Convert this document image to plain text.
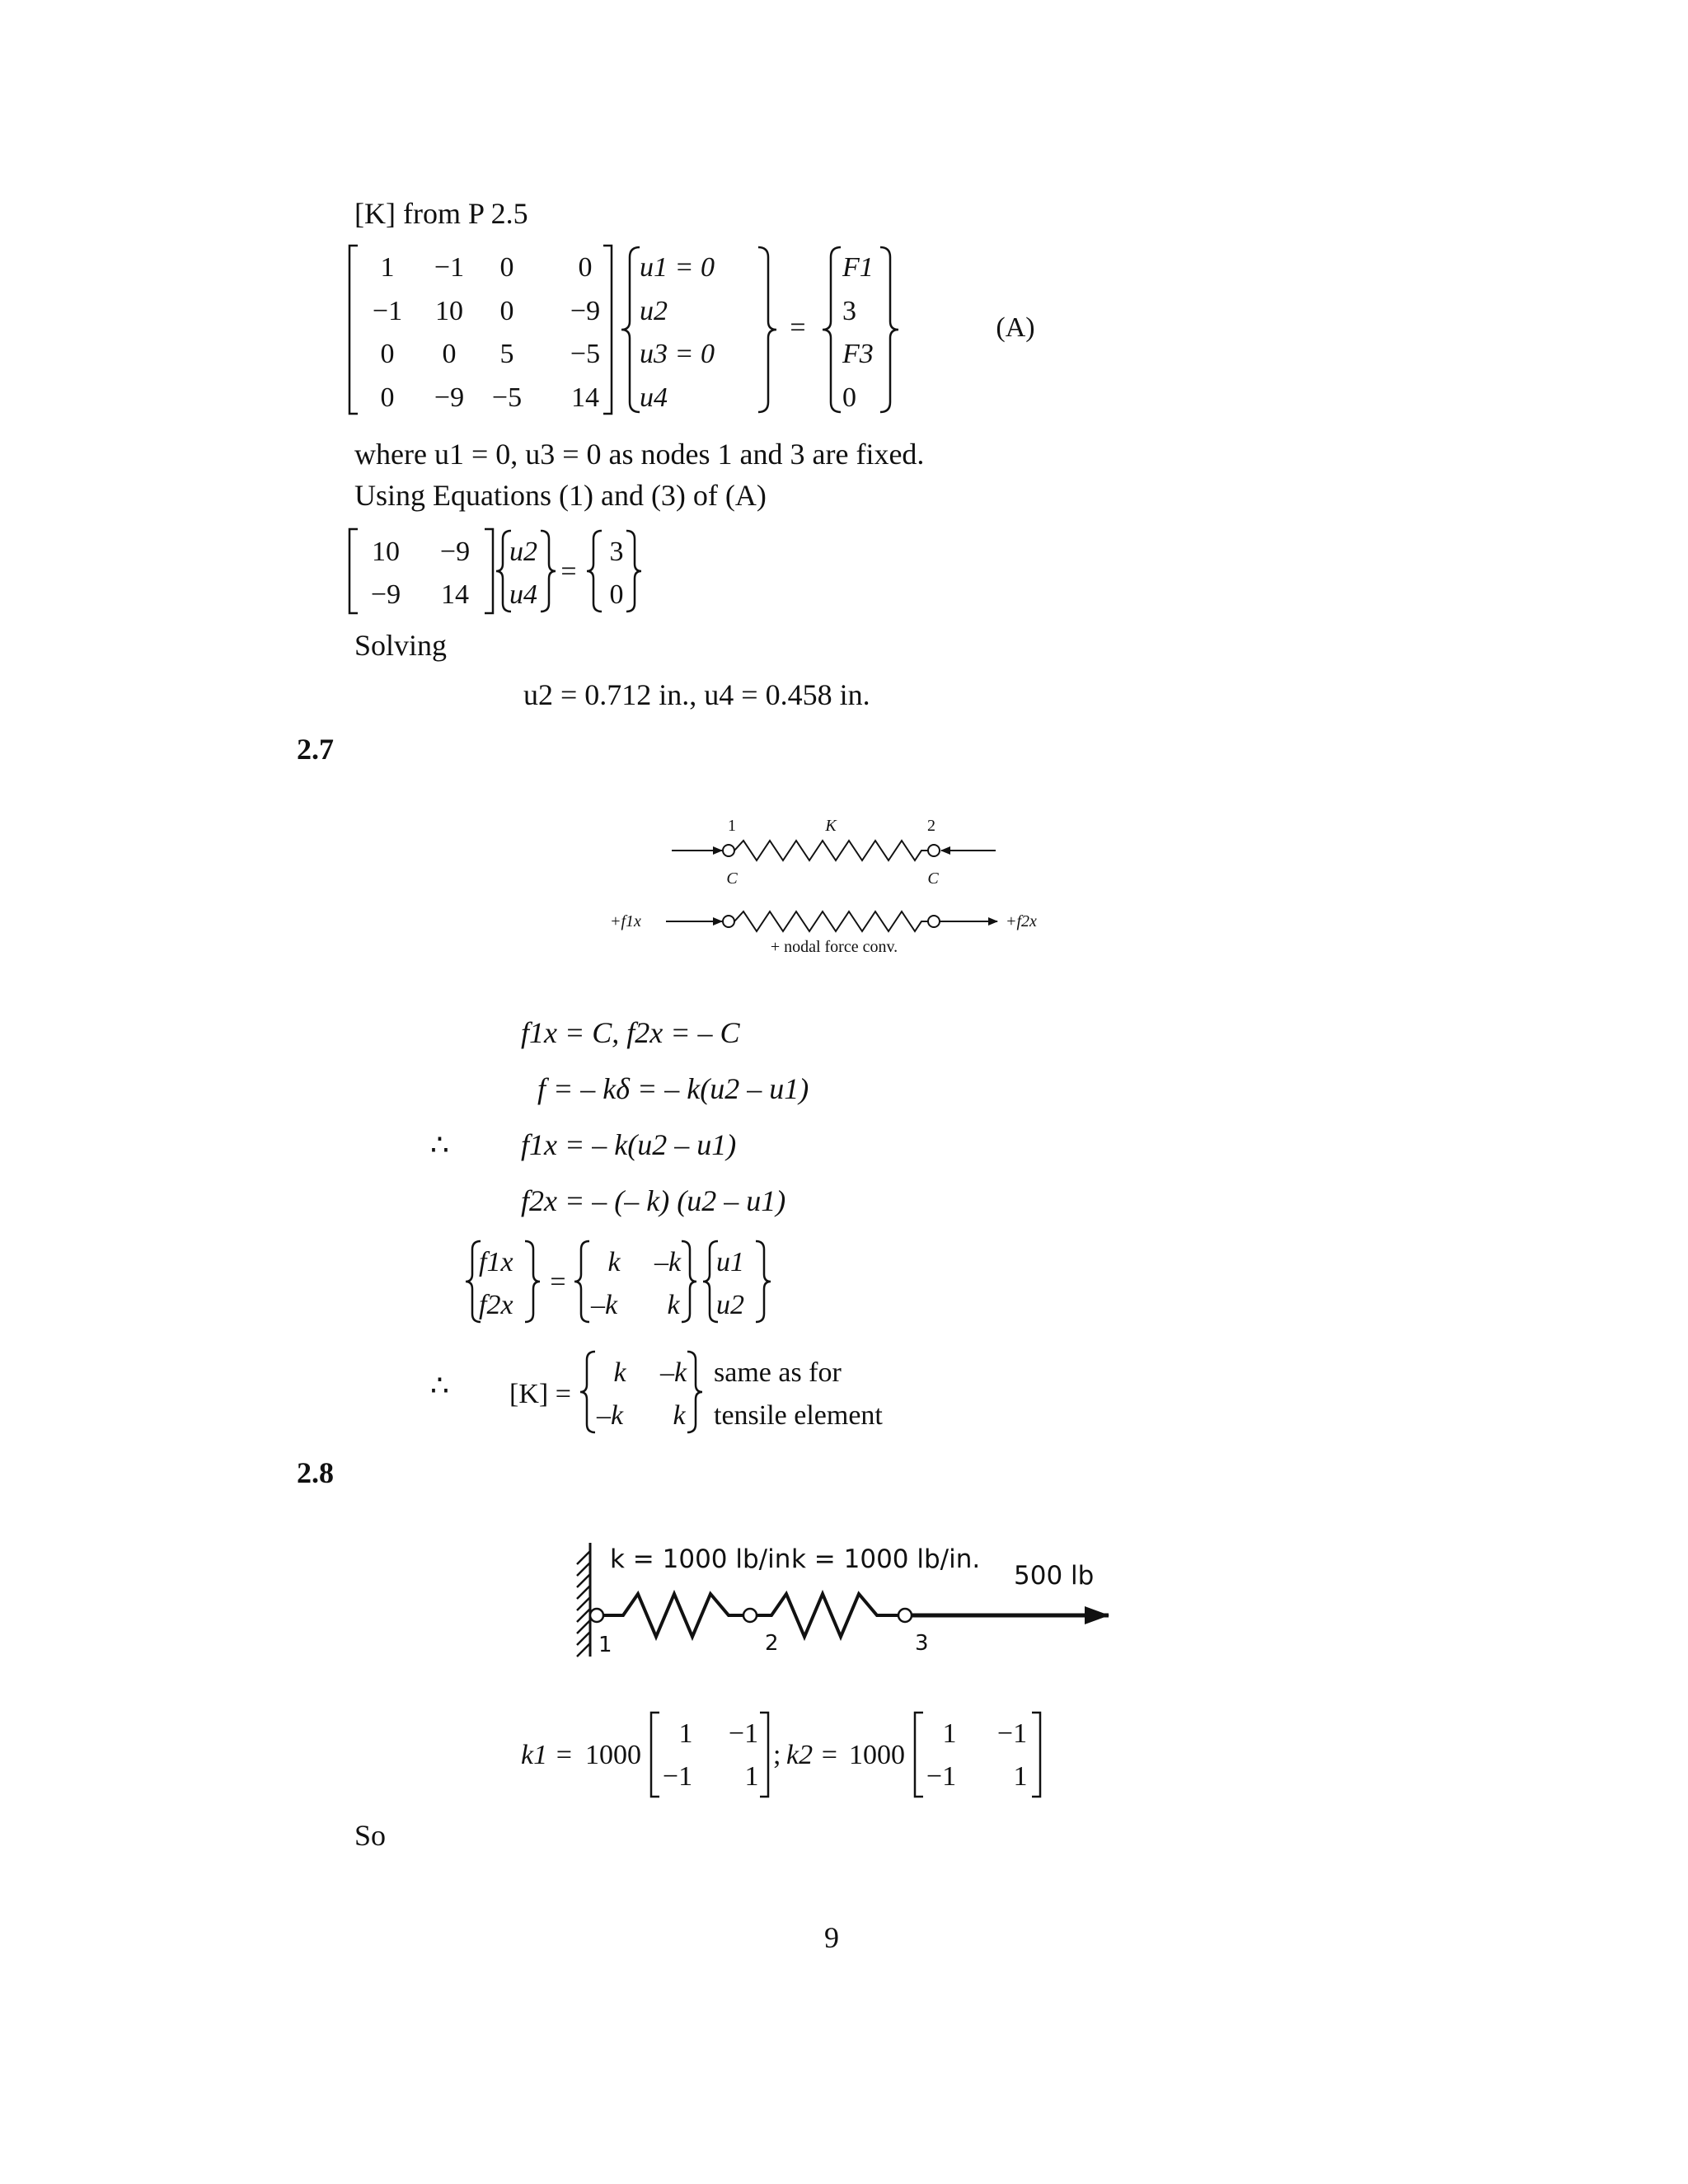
[K] from P 2.5
1 −1 0 0
−1 10 0 −9
0 0 5 −5
0 −9 −5 14
u1 = 0
u2
u3 = 0
u4
=
F1
3
F3
0
(A)
where u1 = 0, u3 = 0 as nodes 1 and 3 are fixed.
Using Equations (1) and (3) of (A)
10 −9
−9 14
u2
u4
=
3
0
Solving
u2 = 0.712 in., u4 = 0.458 in.
2.7
1	K	2
C	C
+f1x	+f2x
+ nodal force conv.
f1x = C, f2x = – C
f = – kδ = – k(u2 – u1)
∴ f1x = – k(u2 – u1)
f2x = – (– k) (u2 – u1)
f1x
f2x
=
k –k
–k k
u1
u2
∴ [K] =
k –k
–k k
same as for
tensile element
2.8
k = 1000 lb/in.
k = 1000 lb/in.
500 lb
1	2	3
k1 = 1000
1 −1
−1 1
; k2 = 1000
1 −1
−1 1
So
9
